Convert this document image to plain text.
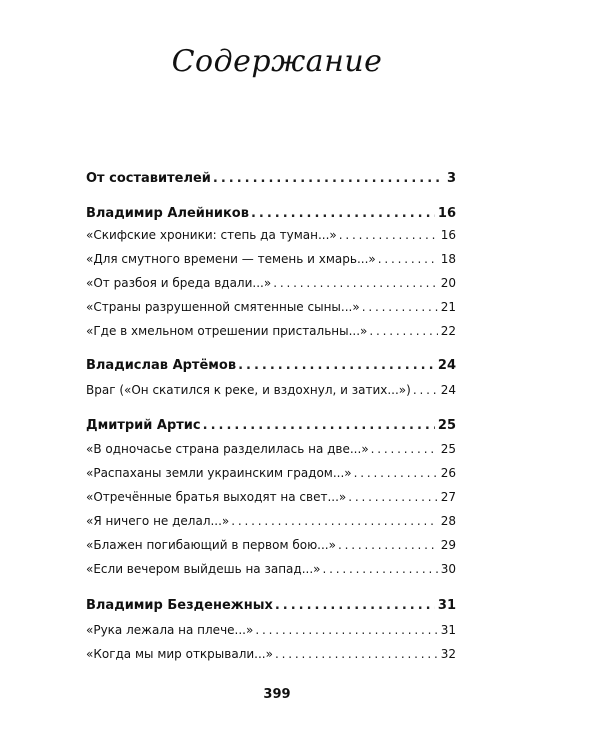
Содержание
От составителей .....	3
Владимир Алейников .....	16
«Скифские хроники: степь да туман...» . . .	16
«Для смутного времени — темень и хмарь...» . . .	18
«От разбоя и бреда вдали...» . . .	20
«Страны разрушенной смятенные сыны...» . . .	21
«Где в хмельном отрешении пристальны...» . . .	22
Владислав Артёмов .....	24
Враг («Он скатился к реке, и вздохнул, и затих...») . . . 24
Дмитрий Артис .....	25
«В одночасье страна разделилась на две...» . . .	25
«Распаханы земли украинским градом...» . . .	26
«Отречённые братья выходят на свет...» . . .	27
«Я ничего не делал...» . . .	28
«Блажен погибающий в первом бою...» . . .	29
«Если вечером выйдешь на запад...» . . .	30
Владимир Безденежных .....	31
«Рука лежала на плече...» . . .	31
«Когда мы мир открывали...» . . .	32
399
